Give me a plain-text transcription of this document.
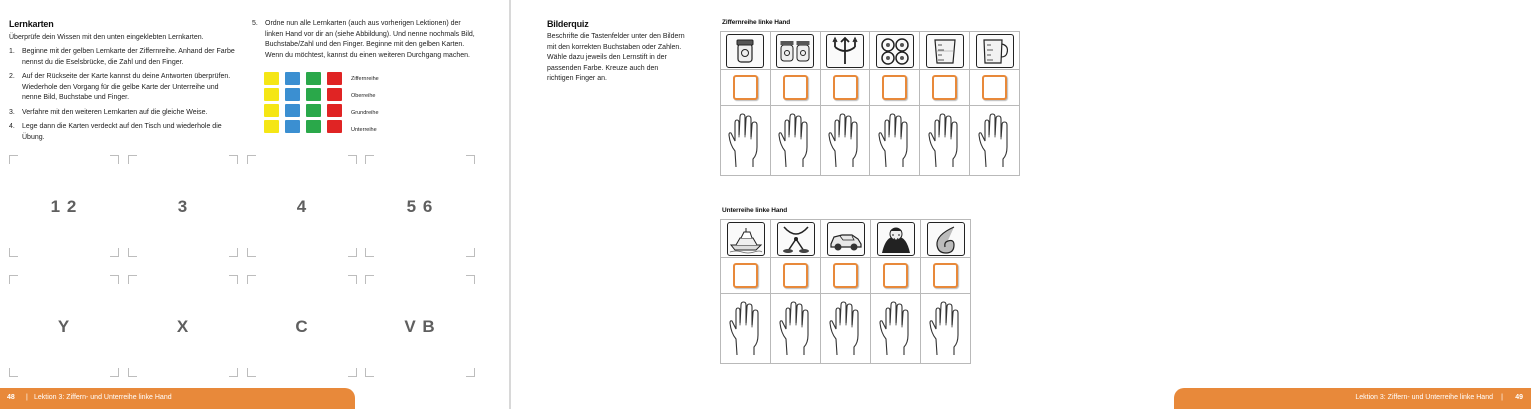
Lernkarten

Überprüfe dein Wissen mit den unten eingeklebten Lernkarten.

1. Beginne mit der gelben Lernkarte der Ziffernreihe. Anhand der Farbe nennst du die Eselsbrücke, die Zahl und den Finger.
2. Auf der Rückseite der Karte kannst du deine Antworten überprüfen. Wiederhole den Vorgang für die gelbe Karte der Unterreihe und nenne Bild, Buchstabe und Finger.
3. Verfahre mit den weiteren Lernkarten auf die gleiche Weise.
4. Lege dann die Karten verdeckt auf den Tisch und wiederhole die Übung.
5. Ordne nun alle Lernkarten (auch aus vorherigen Lektionen) der linken Hand vor dir an (siehe Abbildung). Und nenne nochmals Bild, Buchstabe/Zahl und den Finger. Beginne mit den gelben Karten. Wenn du möchtest, kannst du einen weiteren Durchgang machen.
Ziffernreihe
Oberreihe
Grundreihe
Unterreihe
1 2	3	4	5 6
Y	X	C	V B
48 | Lektion 3: Ziffern- und Unterreihe linke Hand
Bilderquiz

Beschrifte die Tastenfelder unter den Bildern mit den korrekten Buchstaben oder Zahlen. Wähle dazu jeweils den Lernstift in der passenden Farbe. Kreuze auch den richtigen Finger an.

Ziffernreihe linke Hand

Unterreihe linke Hand

Lektion 3: Ziffern- und Unterreihe linke Hand | 49
